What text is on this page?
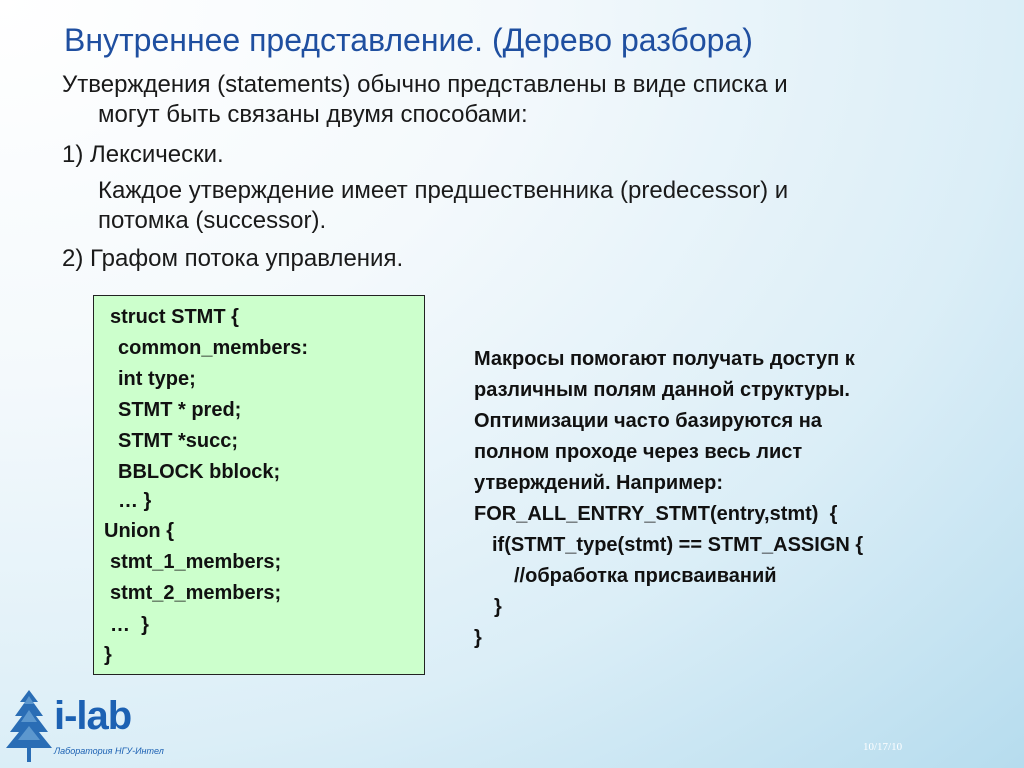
Внутреннее представление. (Дерево разбора)
Утверждения (statements) обычно представлены в виде списка и
могут быть связаны двумя способами:
1) Лексически.
Каждое утверждение имеет предшественника (predecessor) и
потомка (successor).
2) Графом потока управления.
struct STMT {
common_members:
int type;
STMT * pred;
STMT *succ;
BBLOCK bblock;
… }
Union {
stmt_1_members;
stmt_2_members;
…  }
}
Макросы помогают получать доступ к
различным полям данной структуры.
Оптимизации часто базируются на
полном проходе через весь лист
утверждений. Например:
FOR_ALL_ENTRY_STMT(entry,stmt)  {
if(STMT_type(stmt) == STMT_ASSIGN {
//обработка присваиваний
}
}
i-lab
Лаборатория НГУ-Интел	10/17/10
